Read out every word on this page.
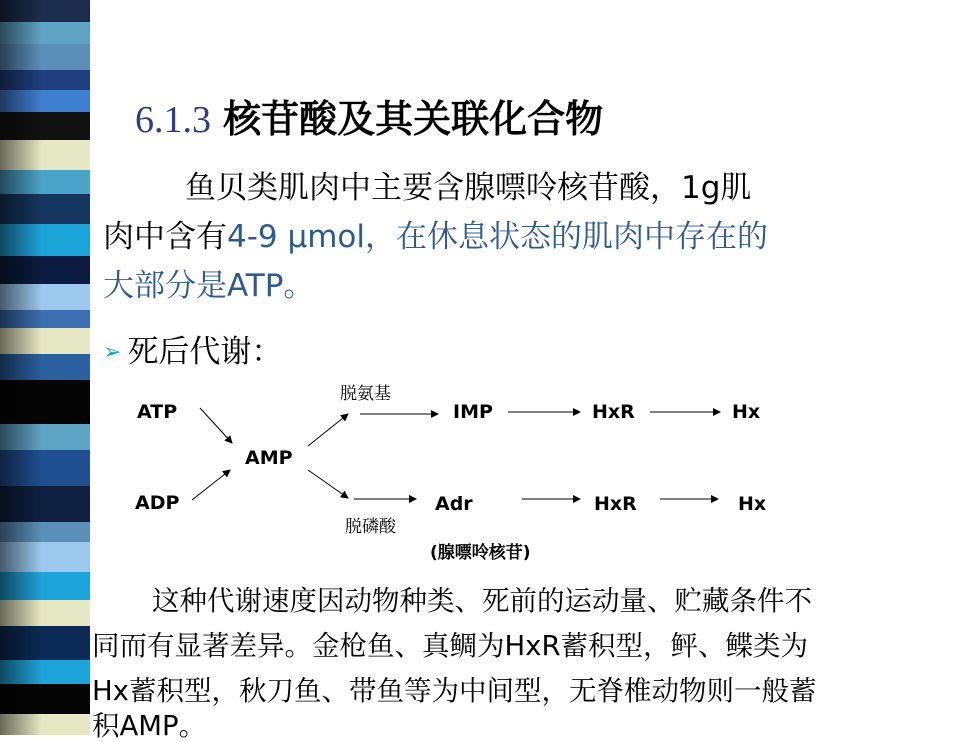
6.1.3 核苷酸及其关联化合物
鱼贝类肌肉中主要含腺嘌呤核苷酸，1g肌
肉中含有4-9 μmol，在休息状态的肌肉中存在的
大部分是ATP。
➢ 死后代谢：
ATP
ADP
AMP
IMP	HxR	Hx
Adr	HxR	Hx
(腺嘌呤核苷)
脱氨基
脱磷酸
这种代谢速度因动物种类、死前的运动量、贮藏条件不
同而有显著差异。金枪鱼、真鲷为HxR蓄积型，鲆、鲽类为
Hx蓄积型，秋刀鱼、带鱼等为中间型，无脊椎动物则一般蓄
积AMP。
